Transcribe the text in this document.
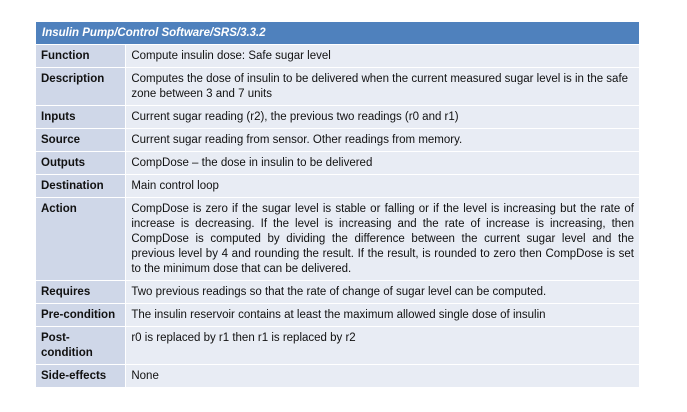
Insulin Pump/Control Software/SRS/3.3.2	
Function	Compute insulin dose: Safe sugar level
Description	Computes the dose of insulin to be delivered when the current measured sugar level is in the safe zone between 3 and 7 units
Inputs	Current sugar reading (r2), the previous two readings (r0 and r1)
Source	Current sugar reading from sensor. Other readings from memory.
Outputs	CompDose – the dose in insulin to be delivered
Destination	Main control loop
Action	CompDose is zero if the sugar level is stable or falling or if the level is increasing but the rate of increase is decreasing. If the level is increasing and the rate of increase is increasing, then CompDose is computed by dividing the difference between the current sugar level and the previous level by 4 and rounding the result. If the result, is rounded to zero then CompDose is set to the minimum dose that can be delivered.
Requires	Two previous readings so that the rate of change of sugar level can be computed.
Pre-condition	The insulin reservoir contains at least the maximum allowed single dose of insulin
Post-condition	r0 is replaced by r1 then r1 is replaced by r2
Side-effects	None
